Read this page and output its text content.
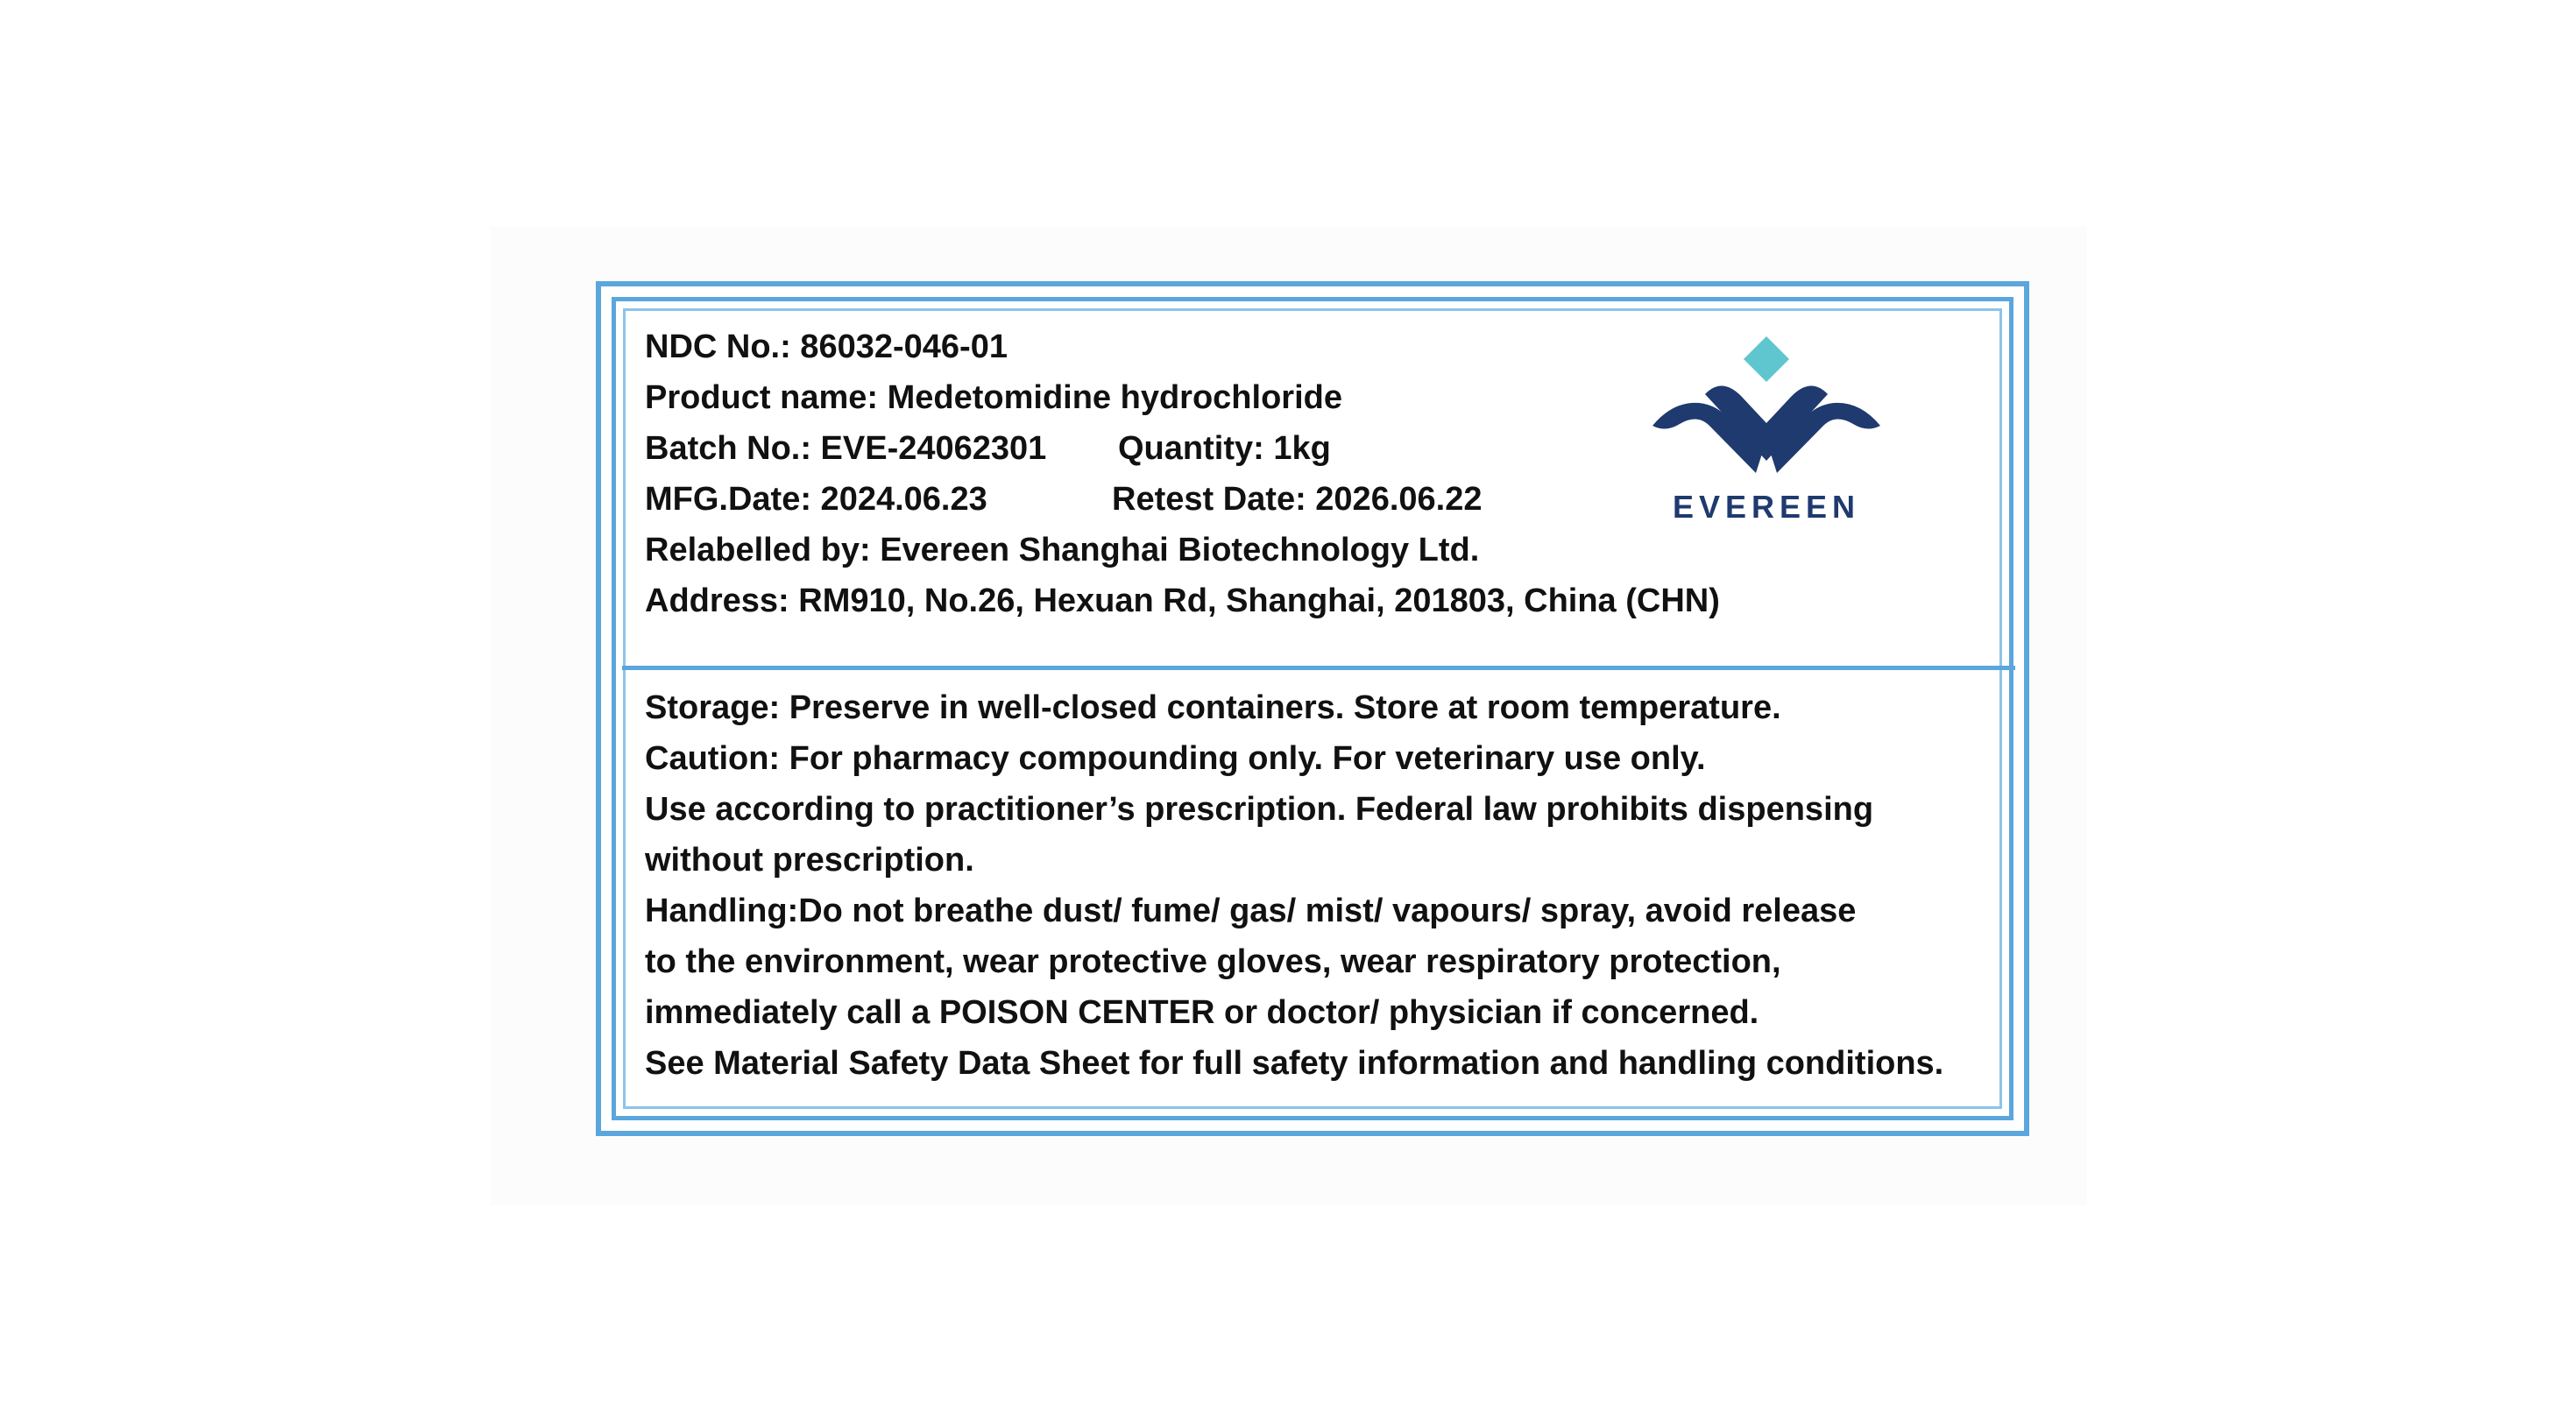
NDC No.: 86032-046-01
Product name: Medetomidine hydrochloride
Batch No.: EVE-24062301 Quantity: 1kg
MFG.Date: 2024.06.23	Retest Date: 2026.06.22
Relabelled by: Evereen Shanghai Biotechnology Ltd.
Address: RM910, No.26, Hexuan Rd, Shanghai, 201803, China (CHN)
EVEREEN
Storage: Preserve in well-closed containers. Store at room temperature.
Caution: For pharmacy compounding only. For veterinary use only.
Use according to practitioner’s prescription. Federal law prohibits dispensing
without prescription.
Handling:Do not breathe dust/ fume/ gas/ mist/ vapours/ spray, avoid release
to the environment, wear protective gloves, wear respiratory protection,
immediately call a POISON CENTER or doctor/ physician if concerned.
See Material Safety Data Sheet for full safety information and handling conditions.
